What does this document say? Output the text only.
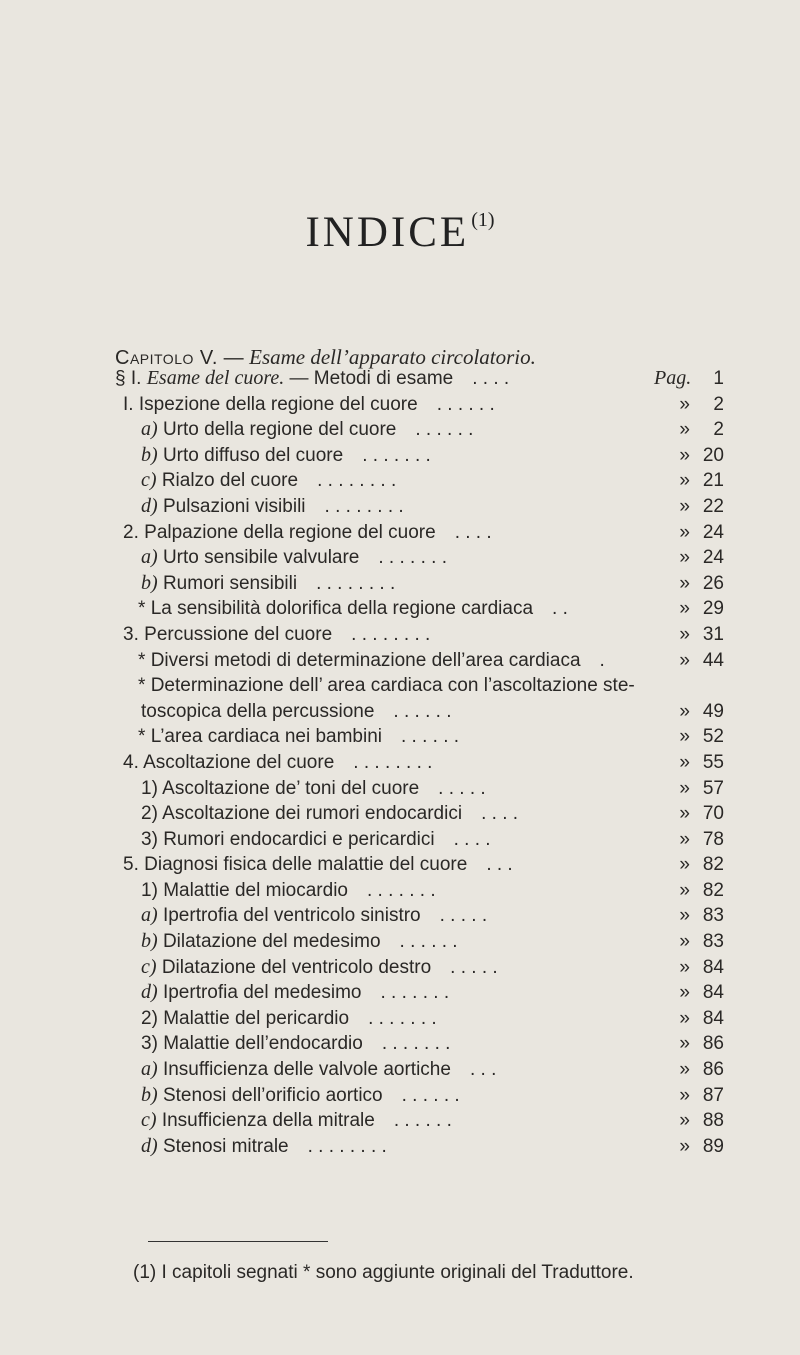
INDICE $^{(1)}$
Capitolo V. — Esame dell’apparato circolatorio.
§ I. Esame del cuore. — Metodi di esame  . . . .	Pag.	1
I. Ispezione della regione del cuore  . . . . . .	»	2
a) Urto della regione del cuore  . . . . . .	»	2
b) Urto diffuso del cuore  . . . . . . .	» 20
c) Rialzo del cuore  . . . . . . . .	» 21
d) Pulsazioni visibili  . . . . . . . .	» 22
2. Palpazione della regione del cuore  . . . .	» 24
a) Urto sensibile valvulare  . . . . . . .	» 24
b) Rumori sensibili  . . . . . . . .	» 26
* La sensibilità dolorifica della regione cardiaca  . .	» 29
3. Percussione del cuore  . . . . . . . .	» 31
* Diversi metodi di determinazione dell’area cardiaca  .	» 44
* Determinazione dell’ area cardiaca con l’ascoltazione ste-
toscopica della percussione  . . . . . .	» 49
* L’area cardiaca nei bambini  . . . . . .	» 52
4. Ascoltazione del cuore  . . . . . . . .	» 55
1) Ascoltazione de’ toni del cuore  . . . . .	» 57
2) Ascoltazione dei rumori endocardici  . . . .	» 70
3) Rumori endocardici e pericardici  . . . .	» 78
5. Diagnosi fisica delle malattie del cuore  . . .	» 82
1) Malattie del miocardio  . . . . . . .	» 82
a) Ipertrofia del ventricolo sinistro  . . . . .	» 83
b) Dilatazione del medesimo  . . . . . .	» 83
c) Dilatazione del ventricolo destro  . . . . .	» 84
d) Ipertrofia del medesimo  . . . . . . .	» 84
2) Malattie del pericardio  . . . . . . .	» 84
3) Malattie dell’endocardio  . . . . . . .	» 86
a) Insufficienza delle valvole aortiche  . . .	» 86
b) Stenosi dell’orificio aortico  . . . . . .	» 87
c) Insufficienza della mitrale  . . . . . .	» 88
d) Stenosi mitrale  . . . . . . . .	» 89
(1) I capitoli segnati * sono aggiunte originali del Traduttore.
